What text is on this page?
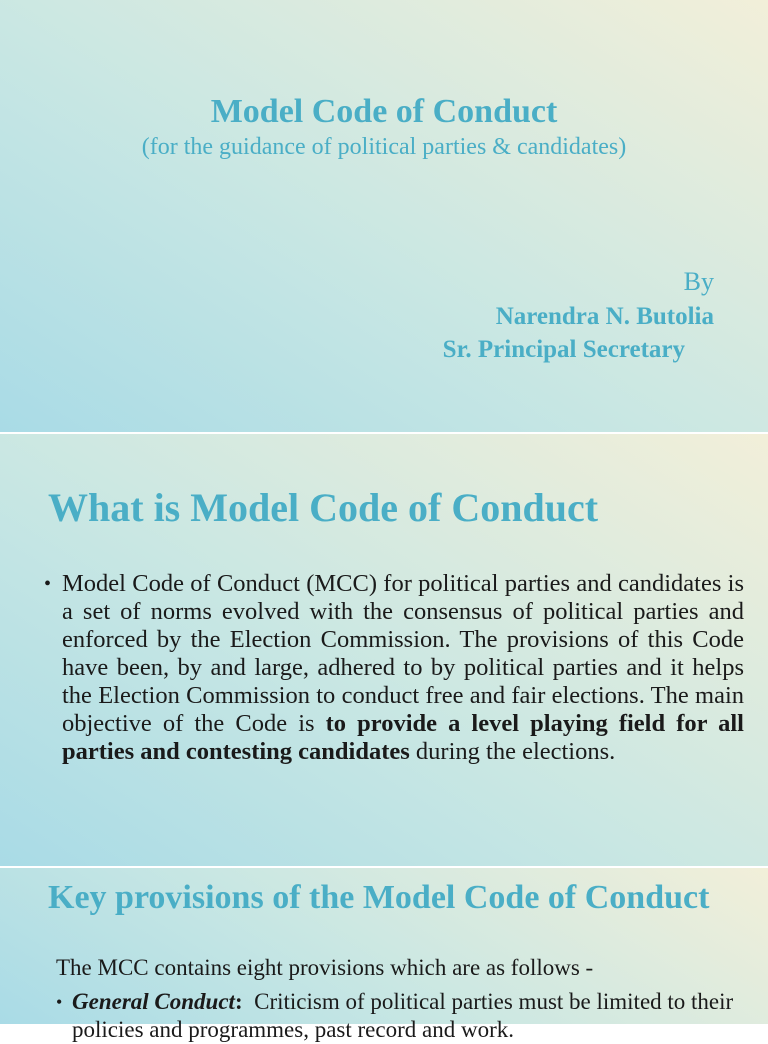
Model Code of Conduct
(for the guidance of political parties & candidates)
By
Narendra N. Butolia
Sr. Principal Secretary
What is Model Code of Conduct
• Model Code of Conduct (MCC) for political parties and candidates is a set of norms evolved with the consensus of political parties and enforced by the Election Commission. The provisions of this Code have been, by and large, adhered to by political parties and it helps the Election Commission to conduct free and fair elections. The main objective of the Code is to provide a level playing field for all parties and contesting candidates during the elections.
Key provisions of the Model Code of Conduct
The MCC contains eight provisions which are as follows -
• General Conduct:  Criticism of political parties must be limited to their policies and programmes, past record and work.
